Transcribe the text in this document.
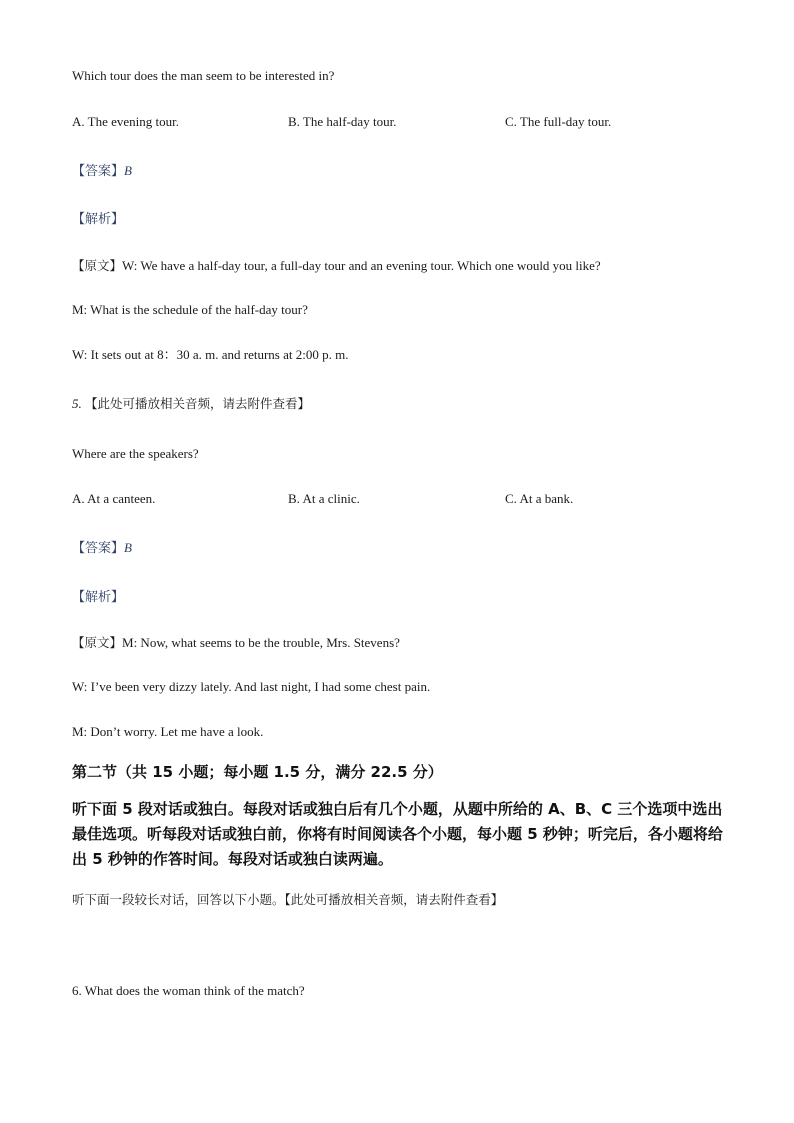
Which tour does the man seem to be interested in?
A. The evening tour.	B. The half-day tour.	C. The full-day tour.
【答案】B
【解析】
【原文】W: We have a half-day tour, a full-day tour and an evening tour. Which one would you like?
M: What is the schedule of the half-day tour?
W: It sets out at 8：30 a. m. and returns at 2:00 p. m.
5. 【此处可播放相关音频，请去附件查看】
Where are the speakers?
A. At a canteen.	B. At a clinic.	C. At a bank.
【答案】B
【解析】
【原文】M: Now, what seems to be the trouble, Mrs. Stevens?
W: I’ve been very dizzy lately. And last night, I had some chest pain.
M: Don’t worry. Let me have a look.
第二节（共 15 小题；每小题 1.5 分，满分 22.5 分）
听下面 5 段对话或独白。每段对话或独白后有几个小题，从题中所给的 A、B、C 三个选项中选出最佳选项。听每段对话或独白前，你将有时间阅读各个小题，每小题 5 秒钟；听完后，各小题将给出 5 秒钟的作答时间。每段对话或独白读两遍。
听下面一段较长对话，回答以下小题。【此处可播放相关音频，请去附件查看】
6. What does the woman think of the match?
